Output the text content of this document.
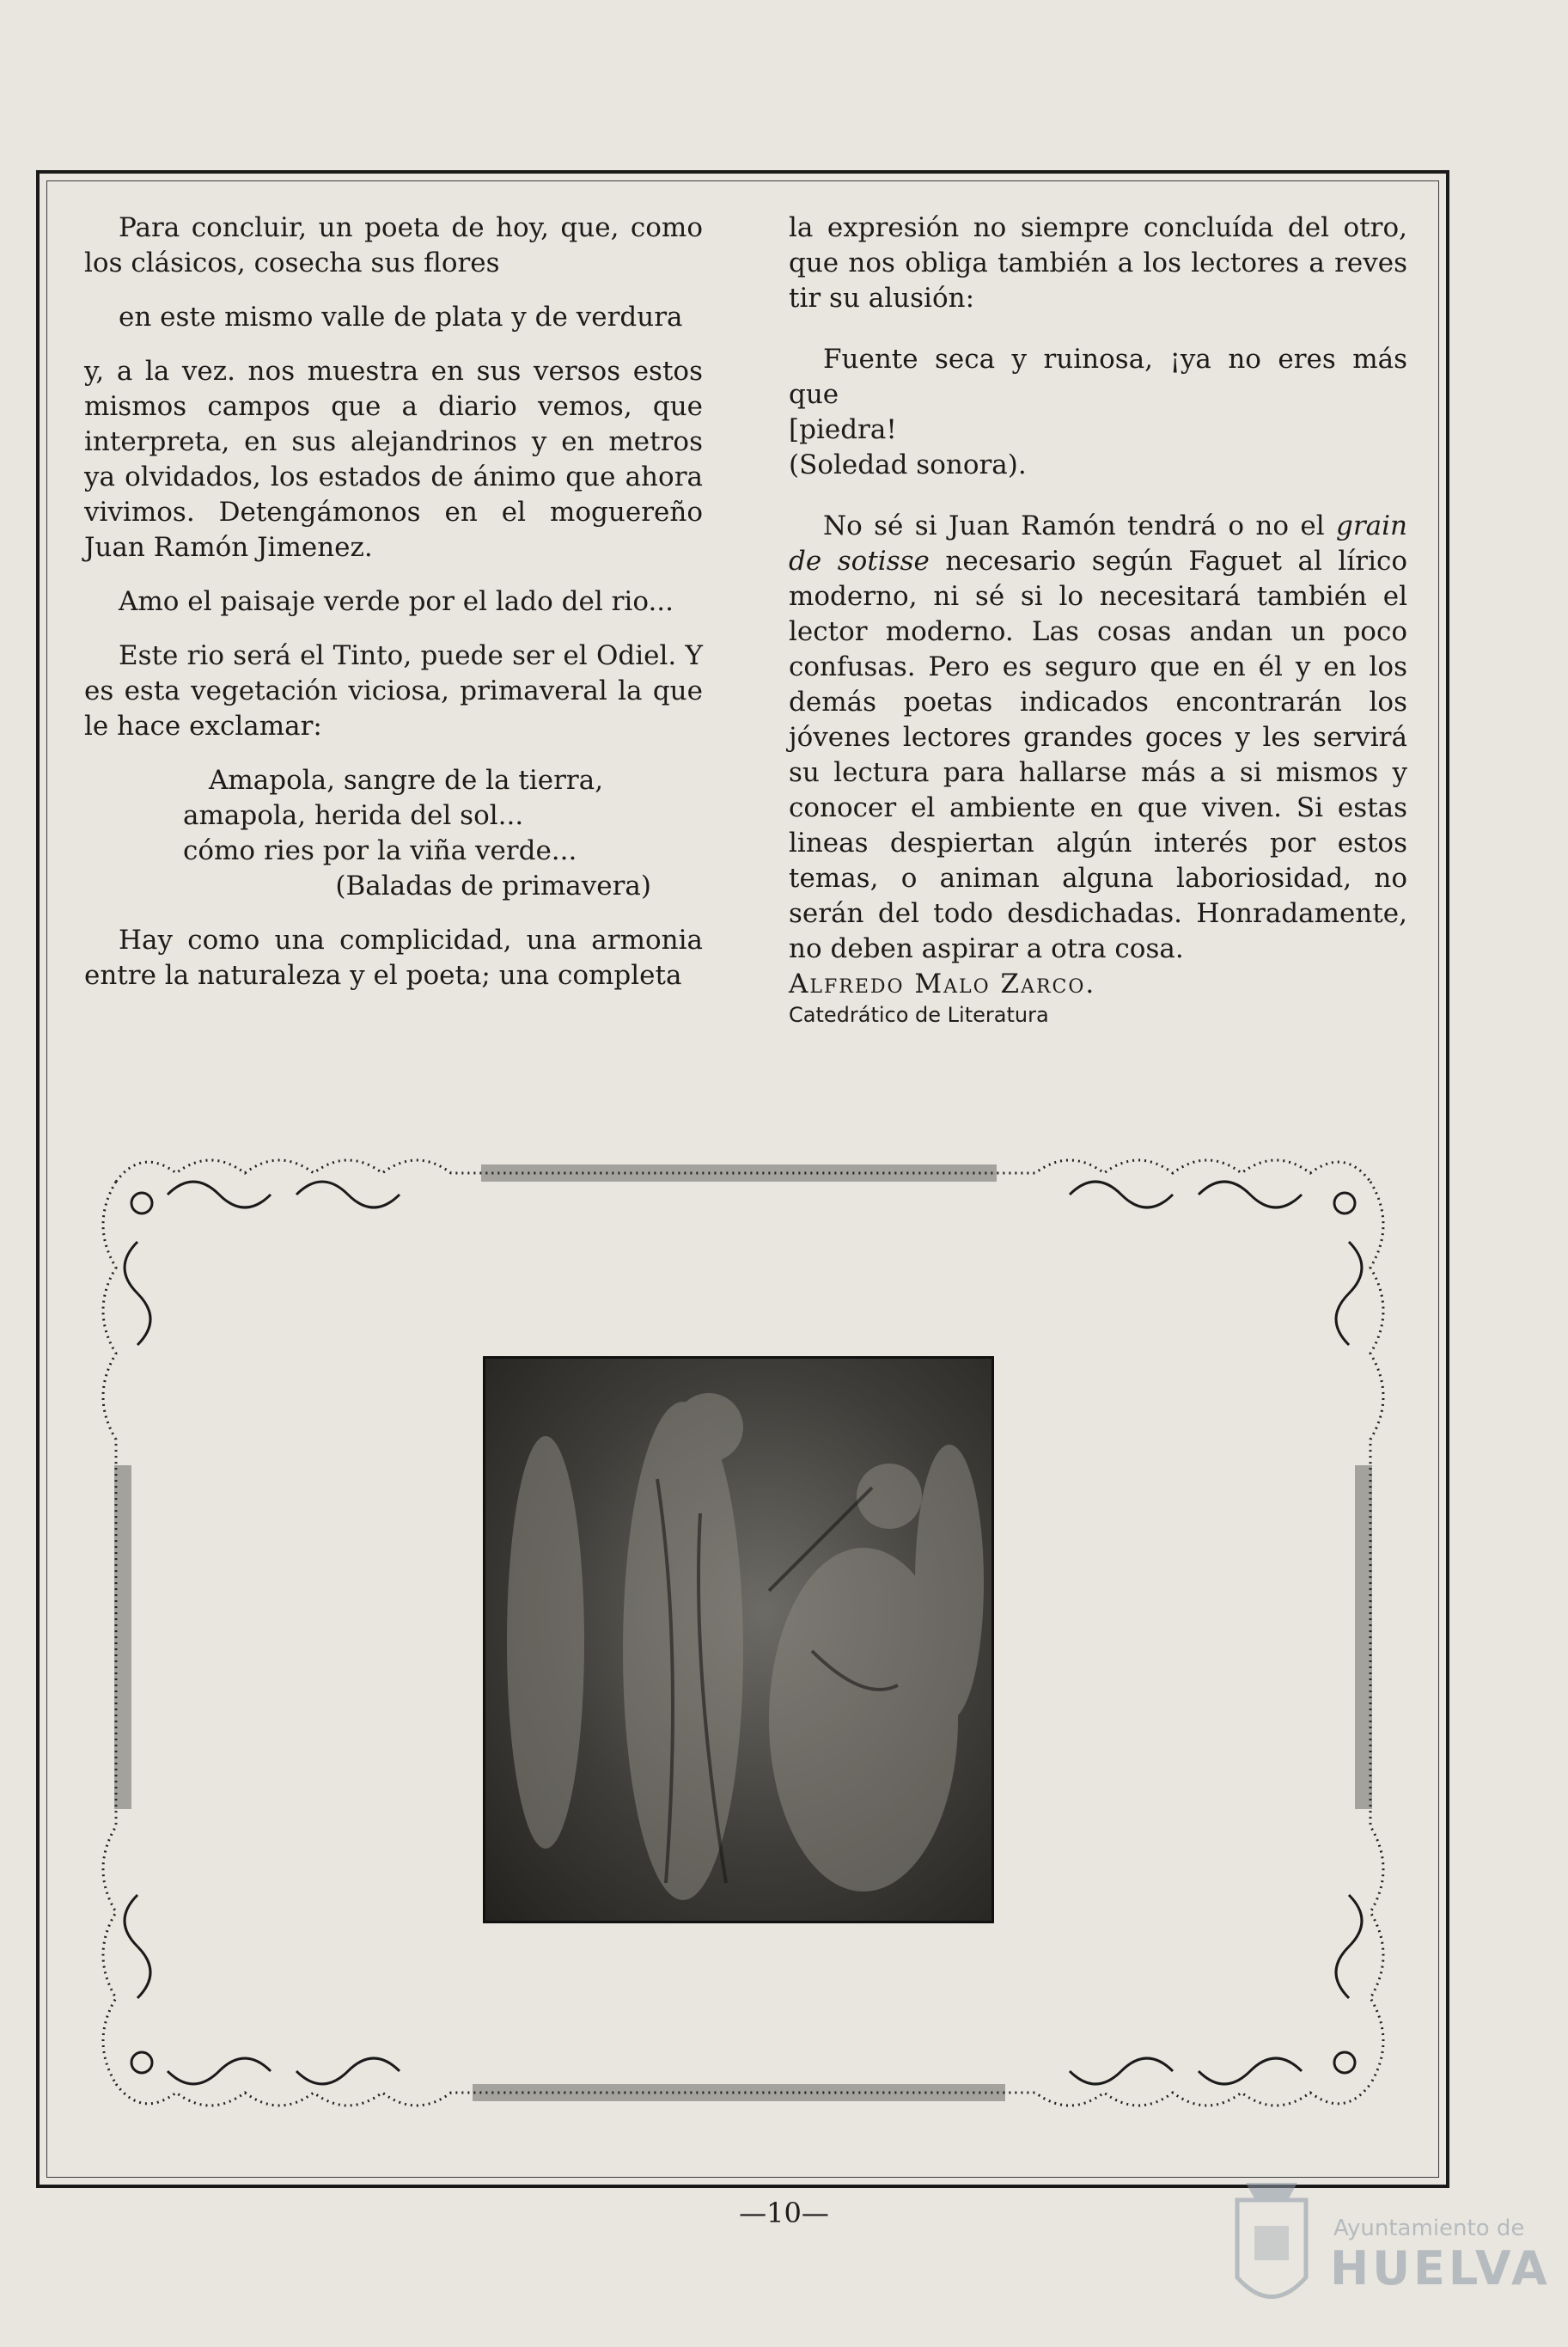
Para concluir, un poeta de hoy, que, como los clásicos, cosecha sus flores

en este mismo valle de plata y de verdura

y, a la vez. nos muestra en sus versos estos mismos campos que a diario vemos, que interpreta, en sus alejandrinos y en metros ya olvidados, los estados de ánimo que ahora vivimos. Detengámonos en el moguereño Juan Ramón Jimenez.

Amo el paisaje verde por el lado del rio...

Este rio será el Tinto, puede ser el Odiel. Y es esta vegetación viciosa, primaveral la que le hace exclamar:

Amapola, sangre de la tierra,
amapola, herida del sol...
cómo ries por la viña verde...

(Baladas de primavera)

Hay como una complicidad, una armonia entre la naturaleza y el poeta; una completa

la expresión no siempre concluída del otro, que nos obliga también a los lectores a reves tir su alusión:

Fuente seca y ruinosa, ¡ya no eres más que

[piedra!

(Soledad sonora).

No sé si Juan Ramón tendrá o no el grain de sotisse necesario según Faguet al lírico moderno, ni sé si lo necesitará también el lector moderno. Las cosas andan un poco confusas. Pero es seguro que en él y en los demás poetas indicados encontrarán los jóvenes lectores grandes goces y les servirá su lectura para hallarse más a si mismos y conocer el ambiente en que viven. Si estas lineas despiertan algún interés por estos temas, o animan alguna laboriosidad, no serán del todo desdichadas. Honradamente, no deben aspirar a otra cosa.

Alfredo Malo Zarco.

Catedrático de Literatura

—10—	Ayuntamiento de
HUELVA
